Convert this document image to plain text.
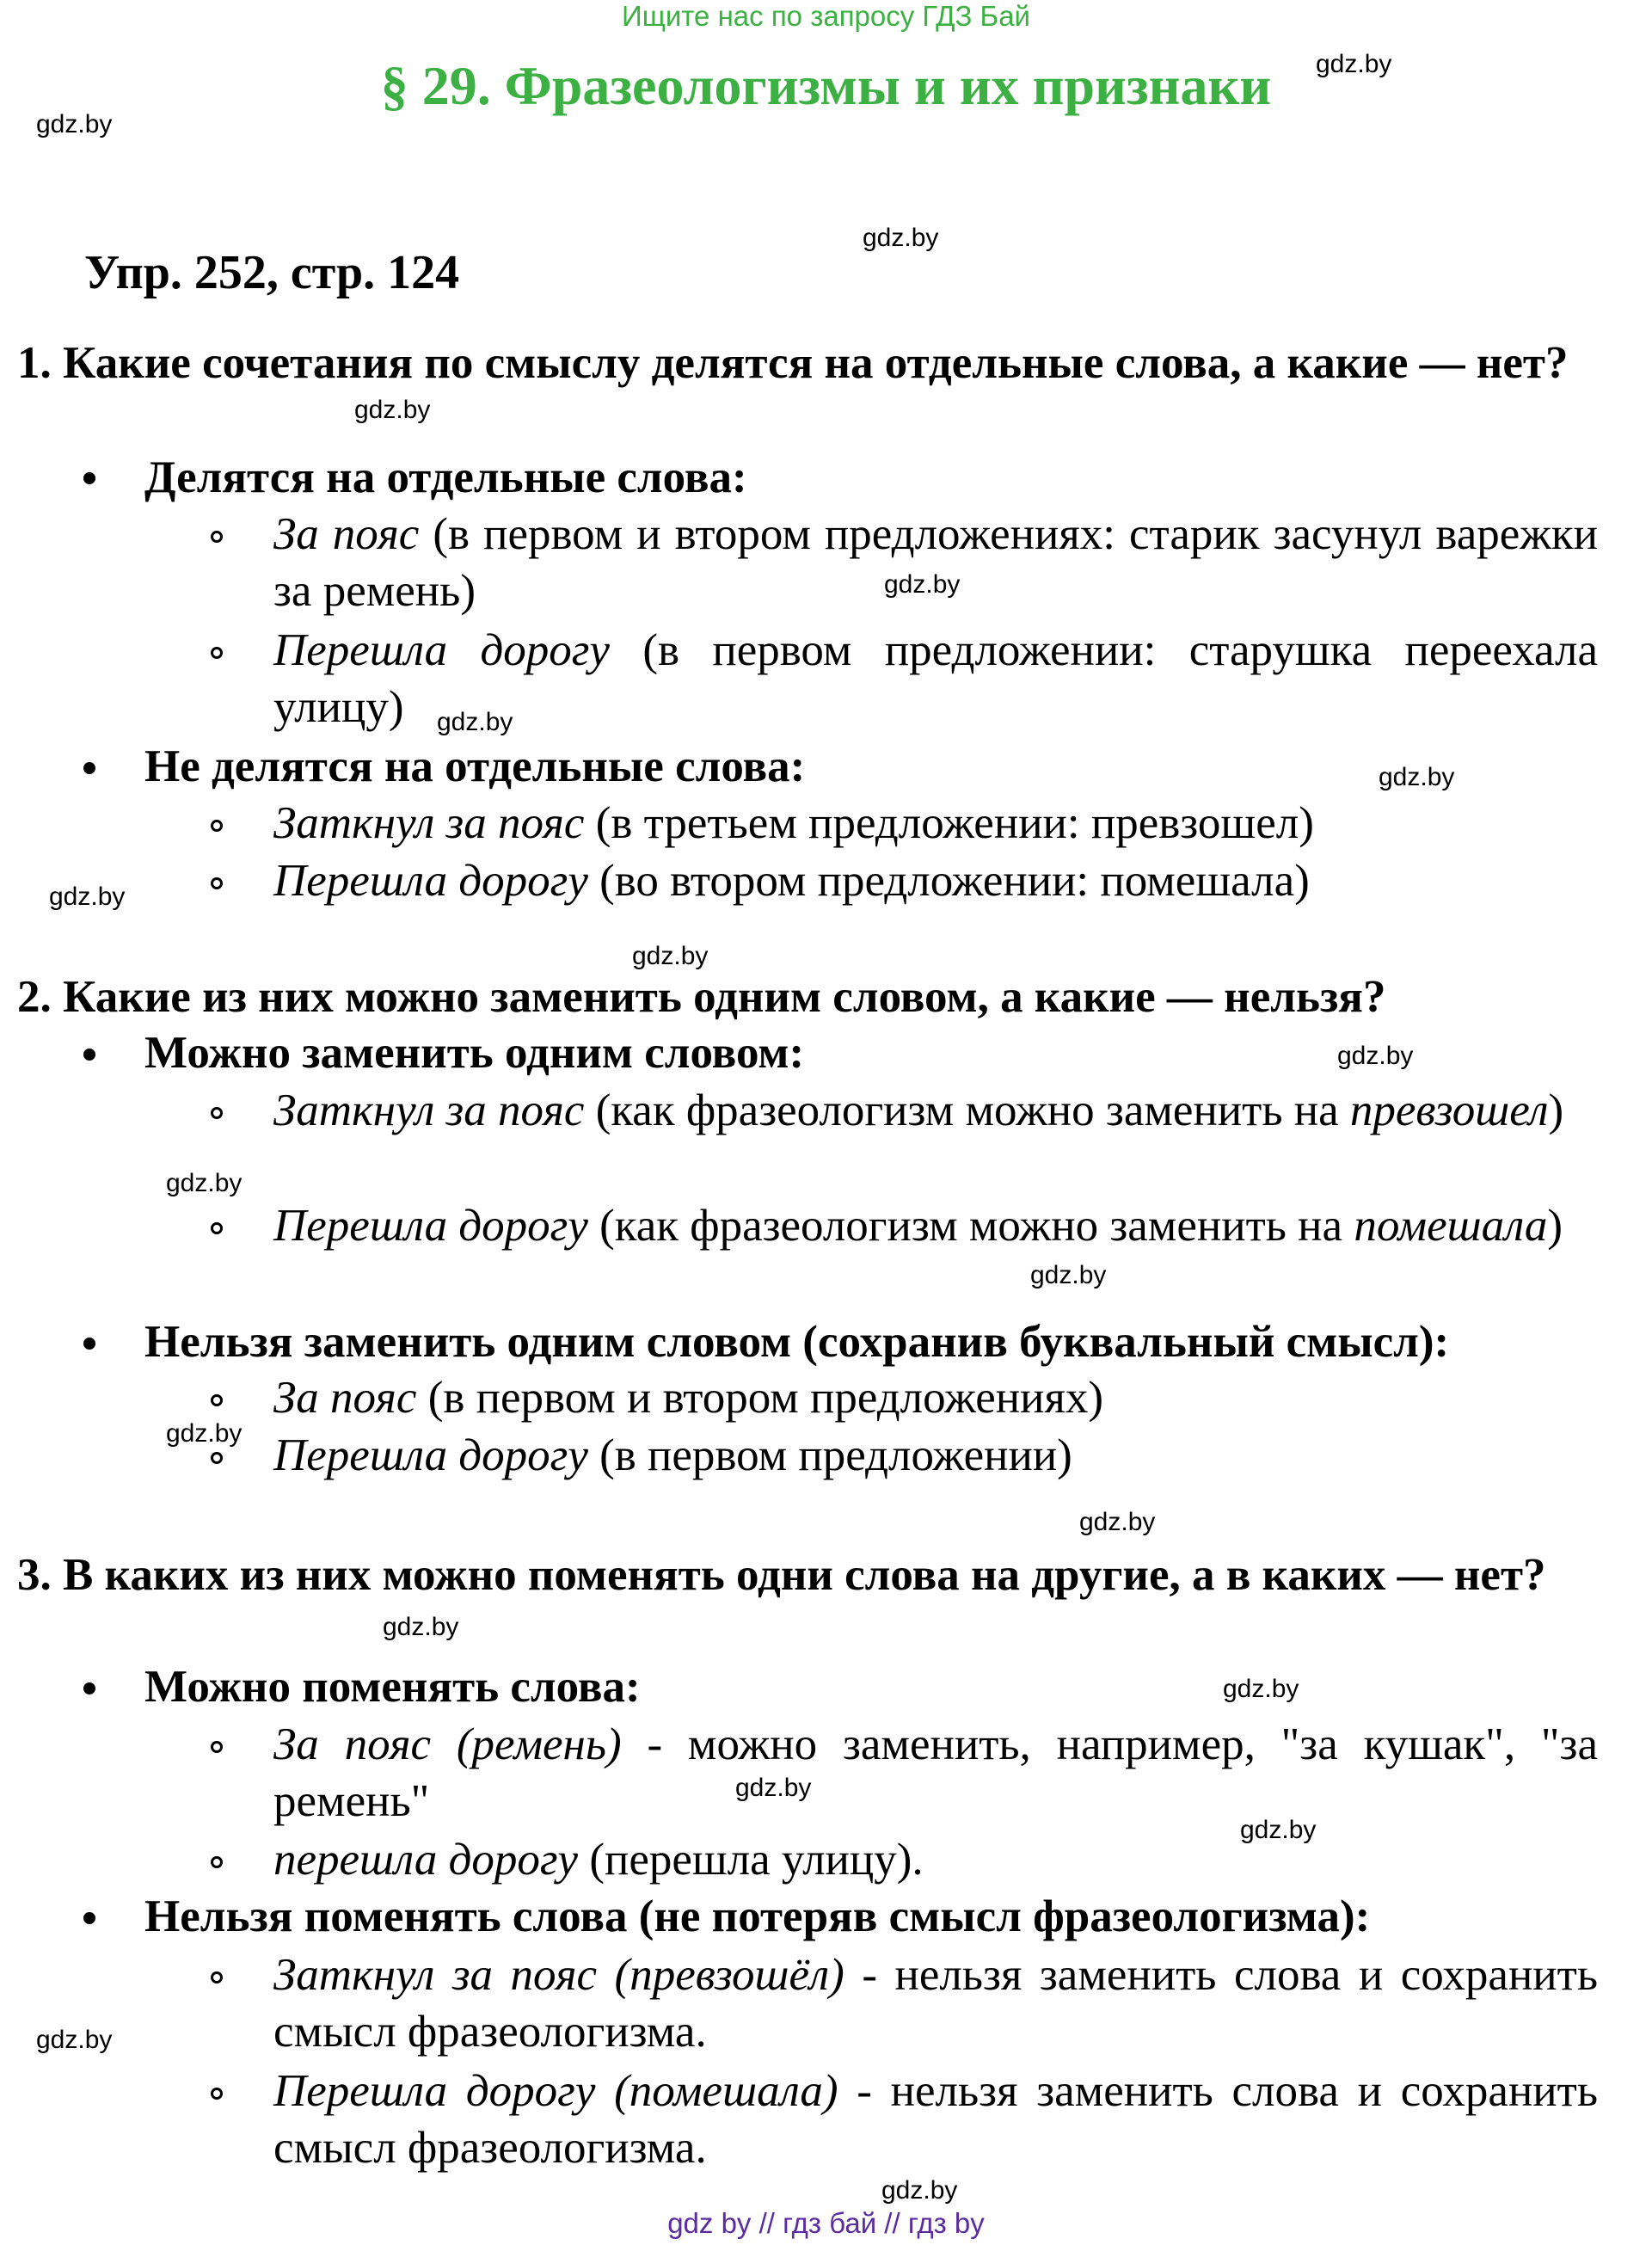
Ищите нас по запросу ГДЗ Бай
§ 29. Фразеологизмы и их признаки	gdz.by
gdz.by
gdz.by
gdz.by
gdz.by
gdz.by
gdz.by
gdz.by
gdz.by
gdz.by
gdz.by
gdz.by
gdz.by
gdz.by
gdz.by
gdz.by
gdz.by
gdz.by
gdz.by
gdz.by
Упр. 252, стр. 124
1. Какие сочетания по смыслу делятся на отдельные слова, а какие — нет?
Делятся на отдельные слова:
За пояс (в первом и втором предложениях: старик засунул варежки за ремень)
Перешла дорогу (в первом предложении: старушка переехала улицу)
Не делятся на отдельные слова:
Заткнул за пояс (в третьем предложении: превзошел)
Перешла дорогу (во втором предложении: помешала)
2. Какие из них можно заменить одним словом, а какие — нельзя?
Можно заменить одним словом:
Заткнул за пояс (как фразеологизм можно заменить на превзошел)
Перешла дорогу (как фразеологизм можно заменить на помешала)
Нельзя заменить одним словом (сохранив буквальный смысл):
За пояс (в первом и втором предложениях)
Перешла дорогу (в первом предложении)
3. В каких из них можно поменять одни слова на другие, а в каких — нет?
Можно поменять слова:
За пояс (ремень) - можно заменить, например, "за кушак", "за ремень"
перешла дорогу (перешла улицу).
Нельзя поменять слова (не потеряв смысл фразеологизма):
Заткнул за пояс (превзошёл) - нельзя заменить слова и сохранить смысл фразеологизма.
Перешла дорогу (помешала) - нельзя заменить слова и сохранить смысл фразеологизма.
gdz by // гдз бай // гдз by
